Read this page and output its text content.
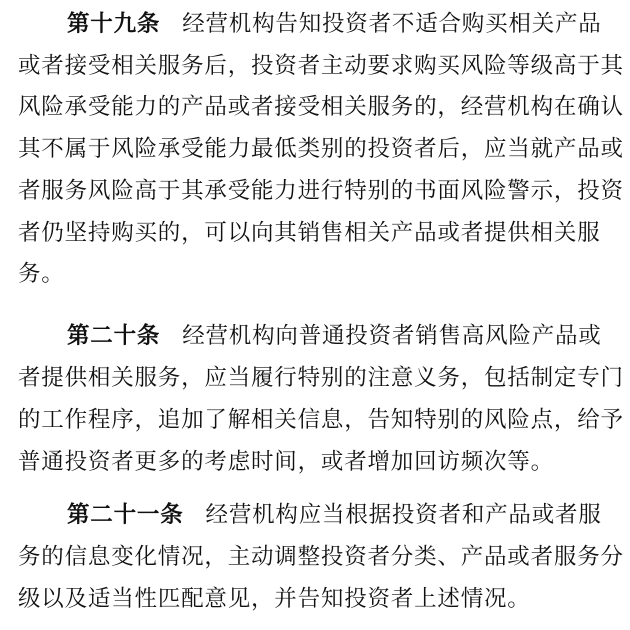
第十九条 经营机构告知投资者不适合购买相关产品
或者接受相关服务后，投资者主动要求购买风险等级高于其
风险承受能力的产品或者接受相关服务的，经营机构在确认
其不属于风险承受能力最低类别的投资者后，应当就产品或
者服务风险高于其承受能力进行特别的书面风险警示，投资
者仍坚持购买的，可以向其销售相关产品或者提供相关服
务。
第二十条 经营机构向普通投资者销售高风险产品或
者提供相关服务，应当履行特别的注意义务，包括制定专门
的工作程序，追加了解相关信息，告知特别的风险点，给予
普通投资者更多的考虑时间，或者增加回访频次等。
第二十一条 经营机构应当根据投资者和产品或者服
务的信息变化情况，主动调整投资者分类、产品或者服务分
级以及适当性匹配意见，并告知投资者上述情况。
